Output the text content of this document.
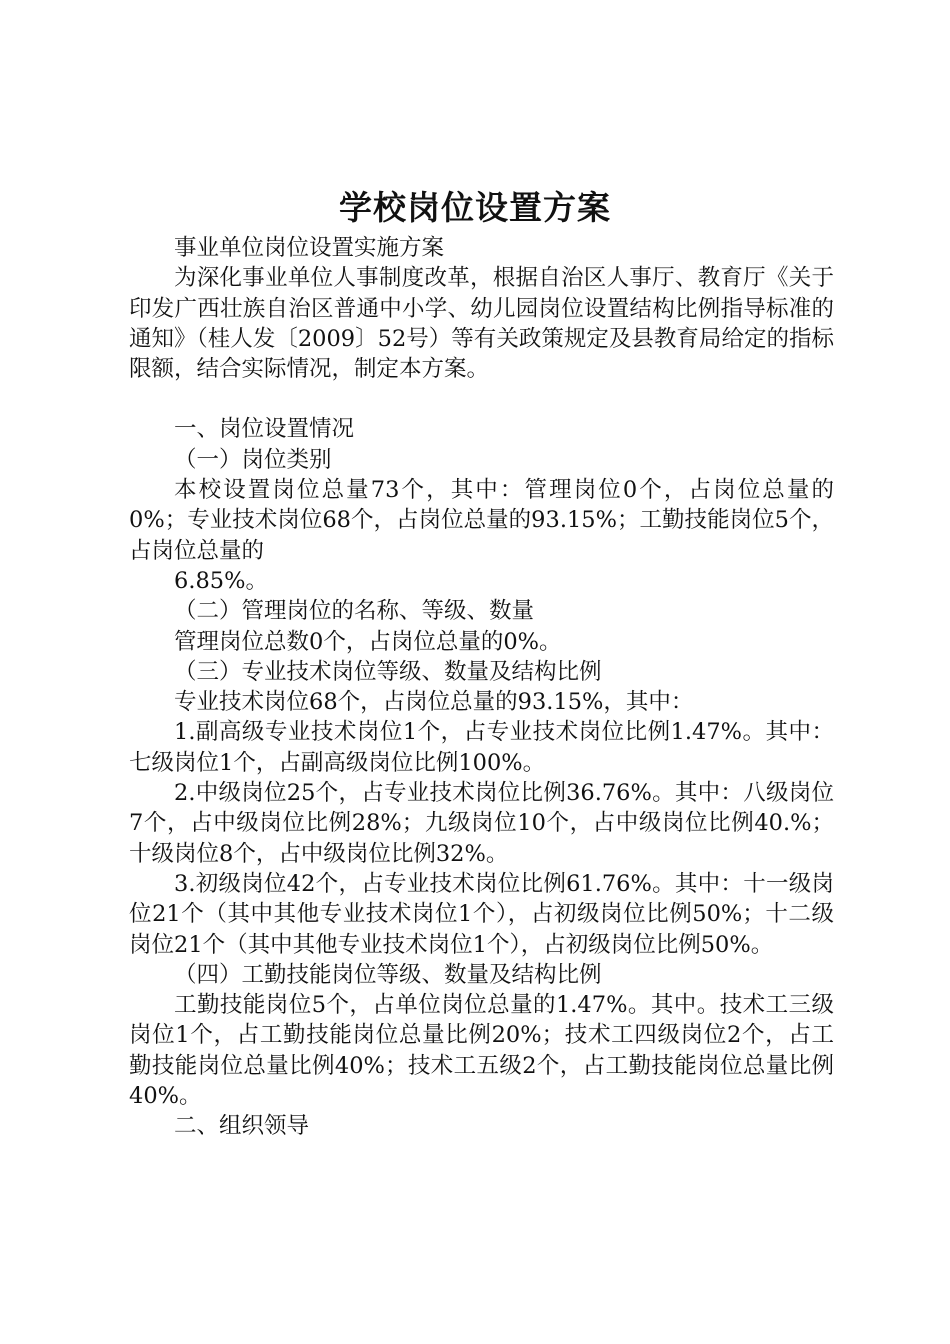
学校岗位设置方案

事业单位岗位设置实施方案

为深化事业单位人事制度改革，根据自治区人事厅、教育厅《关于印发广西壮族自治区普通中小学、幼儿园岗位设置结构比例指导标准的通知》（桂人发〔2009〕52号）等有关政策规定及县教育局给定的指标限额，结合实际情况，制定本方案。

一、岗位设置情况

（一）岗位类别

本校设置岗位总量73个，其中：管理岗位0个，占岗位总量的0%；专业技术岗位68个，占岗位总量的93.15%；工勤技能岗位5个，占岗位总量的

6.85%。

（二）管理岗位的名称、等级、数量

管理岗位总数0个，占岗位总量的0%。

（三）专业技术岗位等级、数量及结构比例

专业技术岗位68个，占岗位总量的93.15%，其中：

1.副高级专业技术岗位1个，占专业技术岗位比例1.47%。其中：七级岗位1个，占副高级岗位比例100%。

2.中级岗位25个，占专业技术岗位比例36.76%。其中：八级岗位7个，占中级岗位比例28%；九级岗位10个，占中级岗位比例40.%；十级岗位8个，占中级岗位比例32%。

3.初级岗位42个，占专业技术岗位比例61.76%。其中：十一级岗位21个（其中其他专业技术岗位1个），占初级岗位比例50%；十二级岗位21个（其中其他专业技术岗位1个），占初级岗位比例50%。

（四）工勤技能岗位等级、数量及结构比例

工勤技能岗位5个，占单位岗位总量的1.47%。其中。技术工三级岗位1个，占工勤技能岗位总量比例20%；技术工四级岗位2个，占工勤技能岗位总量比例40%；技术工五级2个，占工勤技能岗位总量比例40%。

二、组织领导
